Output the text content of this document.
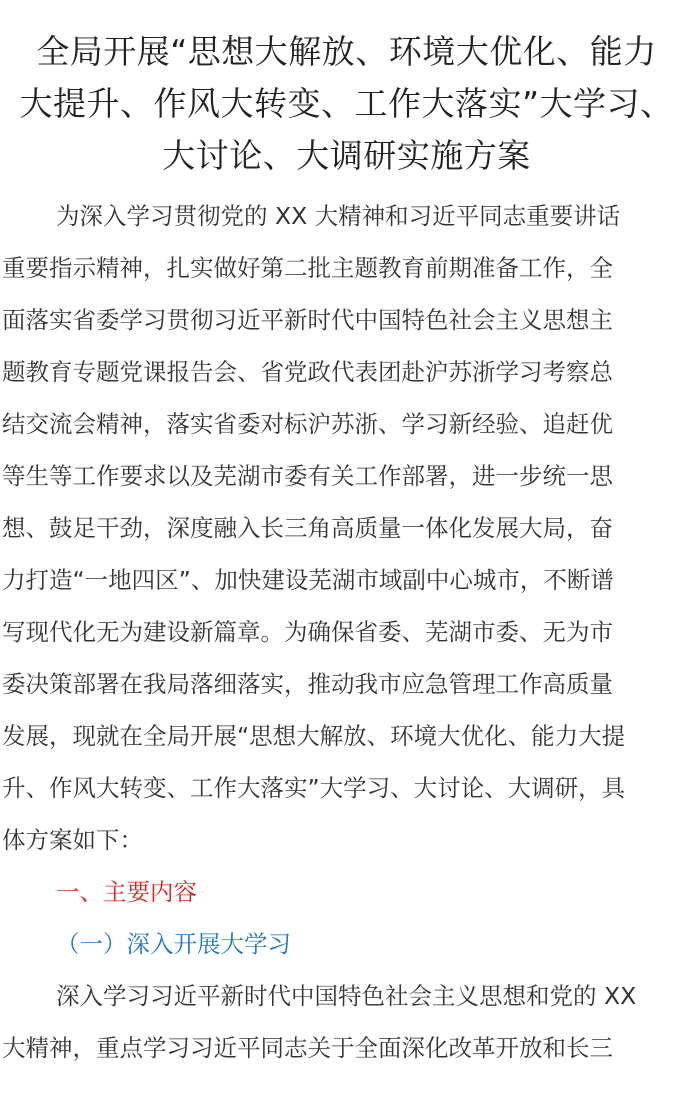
全局开展“思想大解放、环境大优化、能力
大提升、作风大转变、工作大落实”大学习、
大讨论、大调研实施方案

为深入学习贯彻党的 XX 大精神和习近平同志重要讲话
重要指示精神，扎实做好第二批主题教育前期准备工作，全
面落实省委学习贯彻习近平新时代中国特色社会主义思想主
题教育专题党课报告会、省党政代表团赴沪苏浙学习考察总
结交流会精神，落实省委对标沪苏浙、学习新经验、追赶优
等生等工作要求以及芜湖市委有关工作部署，进一步统一思
想、鼓足干劲，深度融入长三角高质量一体化发展大局，奋
力打造“一地四区”、加快建设芜湖市域副中心城市，不断谱
写现代化无为建设新篇章。为确保省委、芜湖市委、无为市
委决策部署在我局落细落实，推动我市应急管理工作高质量
发展，现就在全局开展“思想大解放、环境大优化、能力大提
升、作风大转变、工作大落实”大学习、大讨论、大调研，具
体方案如下：

一、主要内容

（一）深入开展大学习

深入学习习近平新时代中国特色社会主义思想和党的 XX
大精神，重点学习习近平同志关于全面深化改革开放和长三
